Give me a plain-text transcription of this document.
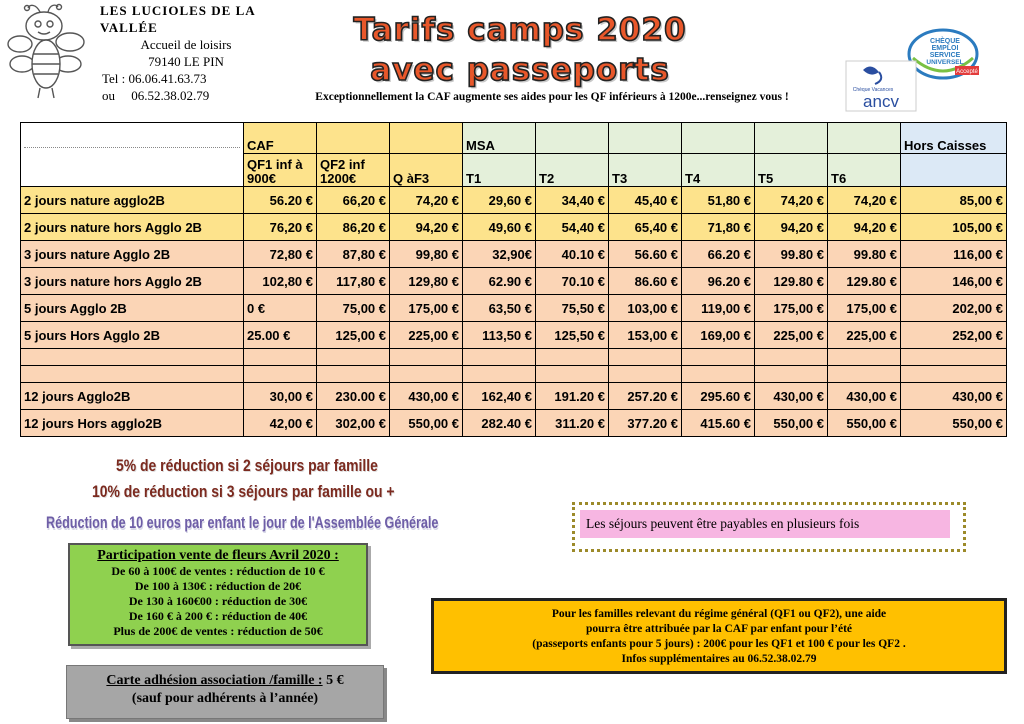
LES LUCIOLES DE LA VALLÉE
Accueil de loisirs
79140 LE PIN
Tel : 06.06.41.63.73
ou     06.52.38.02.79
Tarifs camps 2020
avec passeports
Exceptionnellement la CAF augmente ses aides pour les QF inférieurs à 1200e...renseignez vous !
CHÈQUE
EMPLOI
SERVICE
UNIVERSEL
Accepté
Chèque Vacances
ancv
	CAF			MSA						Hors Caisses
	QF1 inf à 900€	QF2 inf 1200€	Q àF3	T1	T2	T3	T4	T5	T6	
2 jours nature agglo2B	56.20 €	66,20 €	74,20 €	29,60 €	34,40 €	45,40 €	51,80 €	74,20 €	74,20 €	85,00 €
2 jours nature hors Agglo 2B	76,20 €	86,20 €	94,20 €	49,60 €	54,40 €	65,40 €	71,80 €	94,20 €	94,20 €	105,00 €
3 jours nature Agglo 2B	72,80 €	87,80 €	99,80 €	32,90€	40.10 €	56.60 €	66.20 €	99.80 €	99.80 €	116,00 €
3 jours nature hors Agglo 2B	102,80 €	117,80 €	129,80 €	62.90 €	70.10 €	86.60 €	96.20 €	129.80 €	129.80 €	146,00 €
5 jours Agglo 2B	0 €	75,00 €	175,00 €	63,50 €	75,50 €	103,00 €	119,00 €	175,00 €	175,00 €	202,00 €
5 jours Hors Agglo 2B	25.00 €	125,00 €	225,00 €	113,50 €	125,50 €	153,00 €	169,00 €	225,00 €	225,00 €	252,00 €

12 jours Agglo2B	30,00 €	230.00 €	430,00 €	162,40 €	191.20 €	257.20 €	295.60 €	430,00 €	430,00 €	430,00 €
12 jours Hors agglo2B	42,00 €	302,00 €	550,00 €	282.40 €	311.20 €	377.20 €	415.60 €	550,00 €	550,00 €	550,00 €
5% de réduction si 2 séjours par famille
10% de réduction si 3 séjours par famille ou +
Réduction de 10 euros par enfant le jour de l'Assemblée Générale
Participation vente de fleurs Avril 2020 :
De 60 à 100€ de ventes : réduction de 10 €
De 100 à 130€ : réduction de 20€
De 130 à 160€00 : réduction de 30€
De 160 € à 200 € : réduction de 40€
Plus de 200€ de ventes : réduction de 50€
Carte adhésion association /famille : 5 €
(sauf pour adhérents à l’année)
Les séjours peuvent être payables en plusieurs fois
Pour les familles relevant du régime général (QF1 ou QF2), une aide
pourra être attribuée par la CAF par enfant pour l’été
(passeports enfants pour 5 jours) : 200€ pour les QF1 et 100 € pour les QF2 .
Infos supplémentaires au 06.52.38.02.79
